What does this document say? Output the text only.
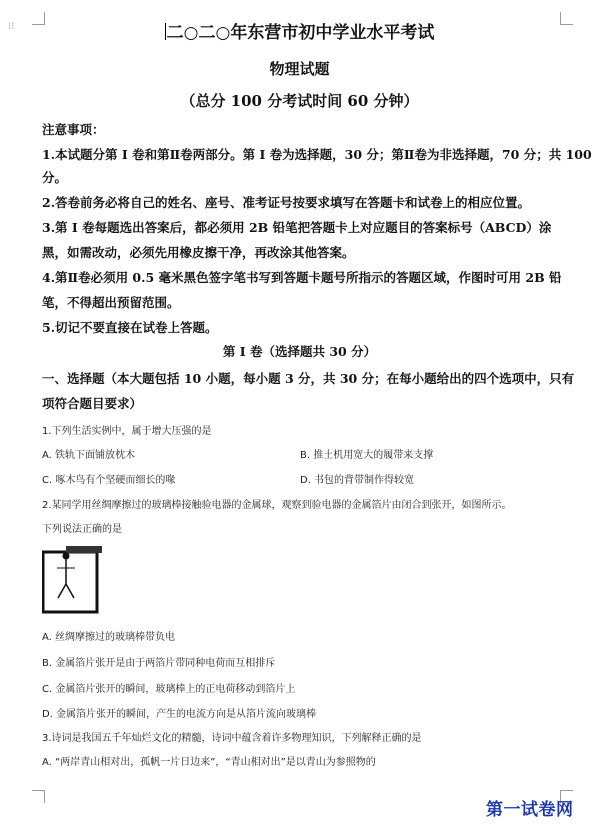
⁝⁝	二○二○年东营市初中学业水平考试
物理试题
（总分 100 分考试时间 60 分钟）
注意事项：
1.本试题分第 I 卷和第Ⅱ卷两部分。第 I 卷为选择题，30 分；第Ⅱ卷为非选择题，70 分；共 100
分。
2.答卷前务必将自己的姓名、座号、准考证号按要求填写在答题卡和试卷上的相应位置。
3.第 I 卷每题选出答案后，都必须用 2B 铅笔把答题卡上对应题目的答案标号（ABCD）涂
黑，如需改动，必须先用橡皮擦干净，再改涂其他答案。
4.第Ⅱ卷必须用 0.5 毫米黑色签字笔书写到答题卡题号所指示的答题区域，作图时可用 2B 铅
笔，不得超出预留范围。
5.切记不要直接在试卷上答题。
第 I 卷（选择题共 30 分）
一、选择题（本大题包括 10 小题，每小题 3 分，共 30 分；在每小题给出的四个选项中，只有
项符合题目要求）
1.下列生活实例中，属于增大压强的是
A. 铁轨下面铺放枕木	B. 推土机用宽大的履带来支撑
C. 啄木鸟有个坚硬而细长的喙	D. 书包的背带制作得较宽
2.某同学用丝绸摩擦过的玻璃棒接触验电器的金属球，观察到验电器的金属箔片由闭合到张开，如图所示。
下列说法正确的是
A. 丝绸摩擦过的玻璃棒带负电
B. 金属箔片张开是由于两箔片带同种电荷而互相排斥
C. 金属箔片张开的瞬间，玻璃棒上的正电荷移动到箔片上
D. 金属箔片张开的瞬间，产生的电流方向是从箔片流向玻璃棒
3.诗词是我国五千年灿烂文化的精髓，诗词中蕴含着许多物理知识，下列解释正确的是
A. “两岸青山相对出，孤帆一片日边来”，“青山相对出”是以青山为参照物的
第一试卷网
